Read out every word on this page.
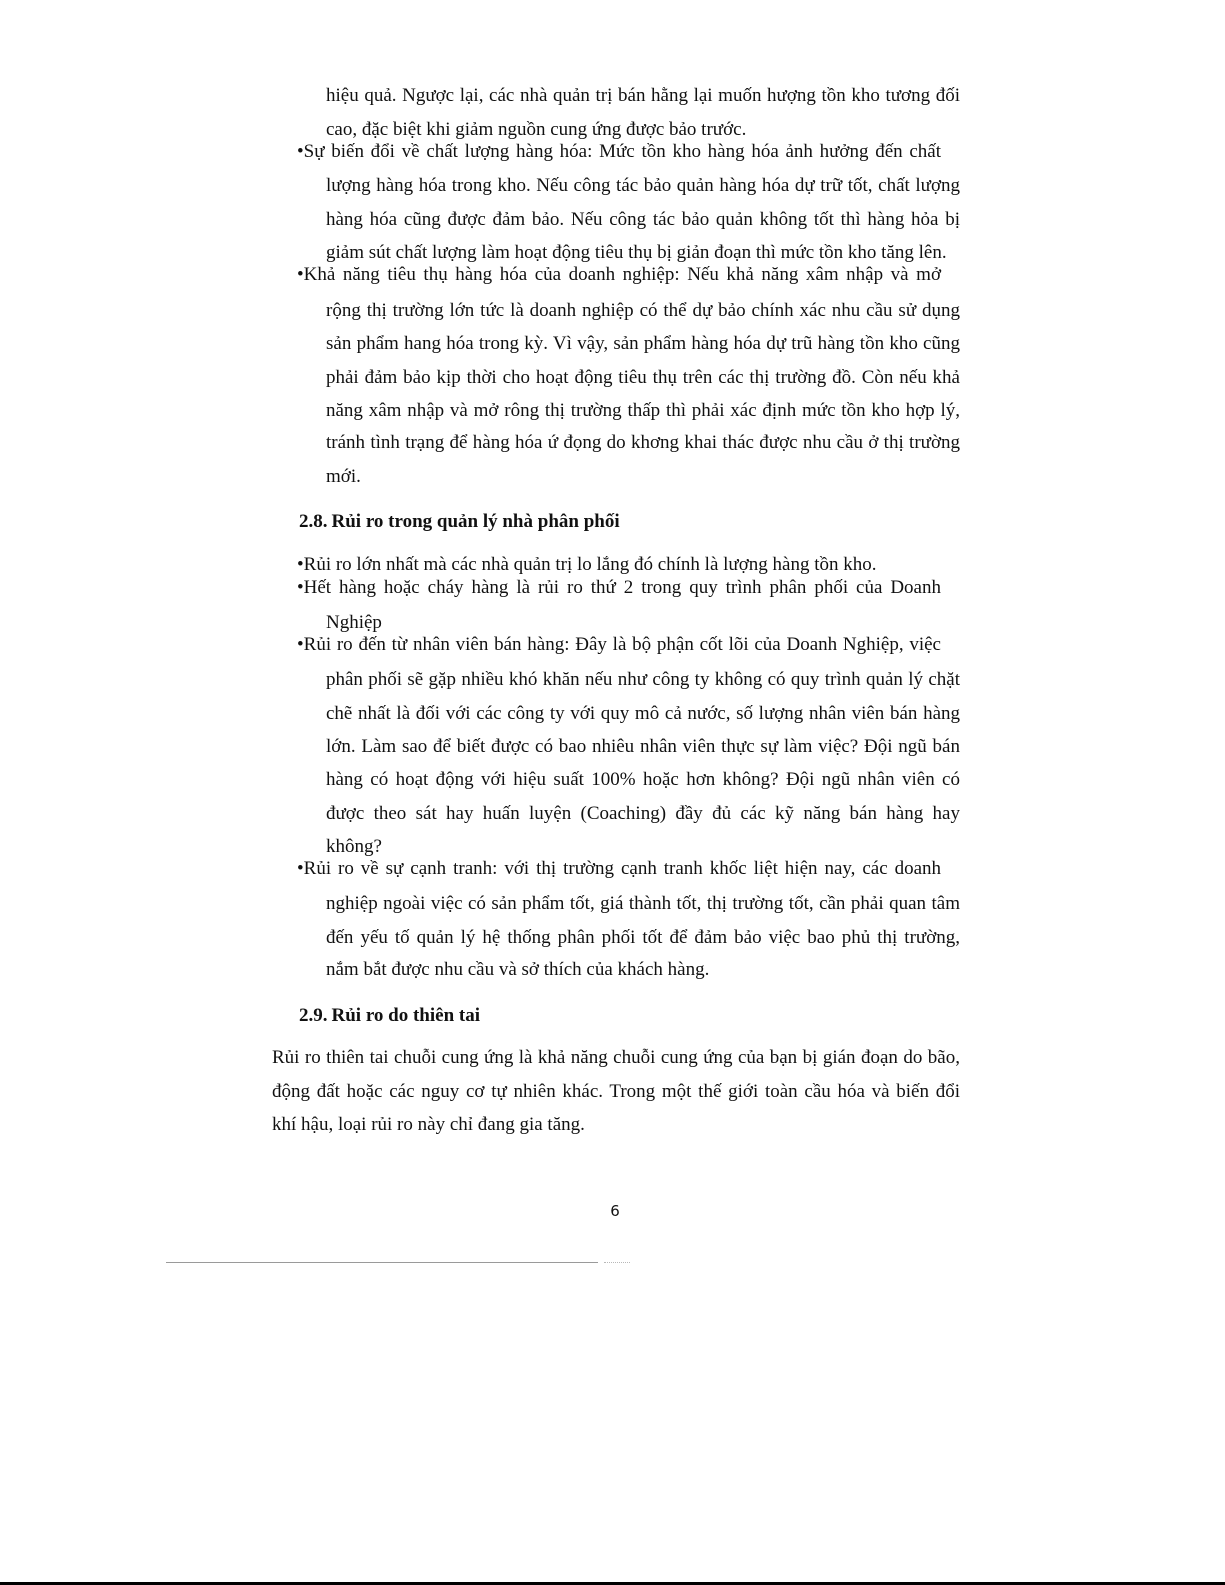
hiệu quả. Ngược lại, các nhà quản trị bán hằng lại muốn hượng tồn kho tương đối

cao, đặc biệt khi giảm nguồn cung ứng được bảo trước.

•Sự biến đổi về chất lượng hàng hóa: Mức tồn kho hàng hóa ảnh hưởng đến chất

lượng hàng hóa trong kho. Nếu công tác bảo quản hàng hóa dự trữ tốt, chất lượng

hàng hóa cũng được đảm bảo. Nếu công tác bảo quản không tốt thì hàng hỏa bị

giảm sút chất lượng làm hoạt động tiêu thụ bị giản đoạn thì mức tồn kho tăng lên.

•Khả năng tiêu thụ hàng hóa của doanh nghiệp: Nếu khả năng xâm nhập và mở

rộng thị trường lớn tức là doanh nghiệp có thể dự bảo chính xác nhu cầu sử dụng

sản phẩm hang hóa trong kỳ. Vì vậy, sản phẩm hàng hóa dự trũ hàng tồn kho cũng

phải đảm bảo kịp thời cho hoạt động tiêu thụ trên các thị trường đồ. Còn nếu khả

năng xâm nhập và mở rông thị trường thấp thì phải xác định mức tồn kho hợp lý,

tránh tình trạng để hàng hóa ứ đọng do khơng khai thác được nhu cầu ở thị trường

mới.

2.8. Rủi ro trong quản lý nhà phân phối

•Rủi ro lớn nhất mà các nhà quản trị lo lắng đó chính là lượng hàng tồn kho.

•Hết hàng hoặc cháy hàng là rủi ro thứ 2 trong quy trình phân phối của Doanh

Nghiệp

•Rủi ro đến từ nhân viên bán hàng: Đây là bộ phận cốt lõi của Doanh Nghiệp, việc

phân phối sẽ gặp nhiều khó khăn nếu như công ty không có quy trình quản lý chặt

chẽ nhất là đối với các công ty với quy mô cả nước, số lượng nhân viên bán hàng

lớn. Làm sao để biết được có bao nhiêu nhân viên thực sự làm việc? Đội ngũ bán

hàng có hoạt động với hiệu suất 100% hoặc hơn không? Đội ngũ nhân viên có

được theo sát hay huấn luyện (Coaching) đầy đủ các kỹ năng bán hàng hay

không?

•Rủi ro về sự cạnh tranh: với thị trường cạnh tranh khốc liệt hiện nay, các doanh

nghiệp ngoài việc có sản phẩm tốt, giá thành tốt, thị trường tốt, cần phải quan tâm

đến yếu tố quản lý hệ thống phân phối tốt để đảm bảo việc bao phủ thị trường,

nắm bắt được nhu cầu và sở thích của khách hàng.

2.9. Rủi ro do thiên tai

Rủi ro thiên tai chuỗi cung ứng là khả năng chuỗi cung ứng của bạn bị gián đoạn do bão,

động đất hoặc các nguy cơ tự nhiên khác. Trong một thế giới toàn cầu hóa và biến đổi

khí hậu, loại rủi ro này chỉ đang gia tăng.

6
